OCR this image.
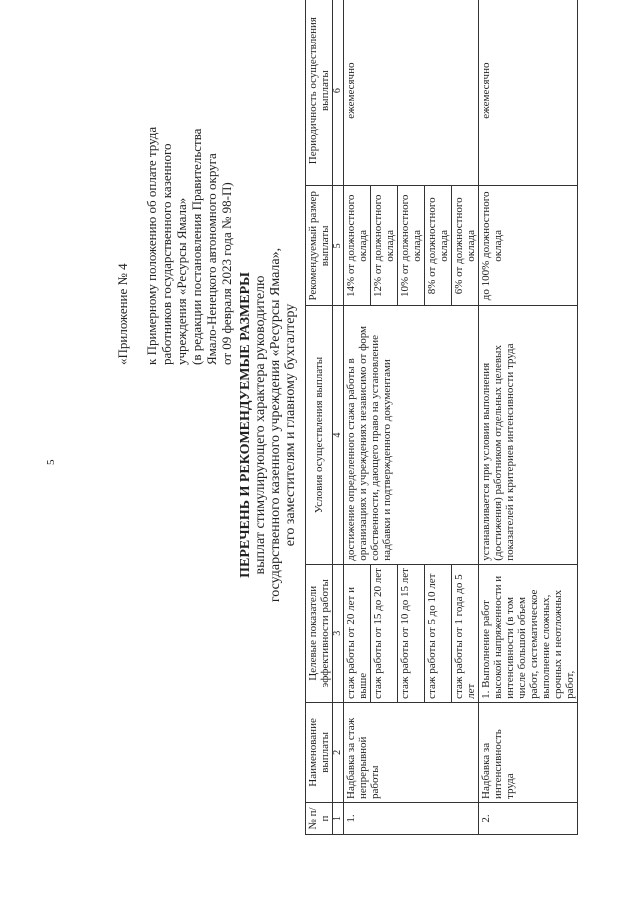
5
«Приложение № 4 к Примерному положению об оплате труда работников государственного казенного учреждения «Ресурсы Ямала» (в редакции постановления Правительства Ямало-Ненецкого автономного округа от 09 февраля 2023 года № 98-П) ПЕРЕЧЕНЬ И РЕКОМЕНДУЕМЫЕ РАЗМЕРЫ выплат стимулирующего характера руководителю государственного казенного учреждения «Ресурсы Ямала», его заместителям и главному бухгалтеру
№ п/п	Наименование выплаты	Целевые показатели эффективности работы	Условия осуществления выплаты	Рекомендуемый размер выплаты	Периодичность осуществления выплаты
1	2	3	4	5	6
1.	Надбавка за стаж непрерывной работы	стаж работы от 20 лет и выше	достижение определенного стажа работы в организациях и учреждениях независимо от форм собственности, дающего право на установление надбавки и подтвержденного документами	14% от должностного оклада	ежемесячно
		стаж работы от 15 до 20 лет		12% от должностного оклада	
		стаж работы от 10 до 15 лет		10% от должностного оклада	
		стаж работы от 5 до 10 лет		8% от должностного оклада	
		стаж работы от 1 года до 5 лет		6% от должностного оклада	
2.	Надбавка за интенсивность труда	1. Выполнение работ высокой напряженности и интенсивности (в том числе большой объем работ, систематическое выполнение сложных, срочных и неотложных работ,	устанавливается при условии выполнения (достижения) работником отдельных целевых показателей и критериев интенсивности труда	до 100% должностного оклада	ежемесячно
